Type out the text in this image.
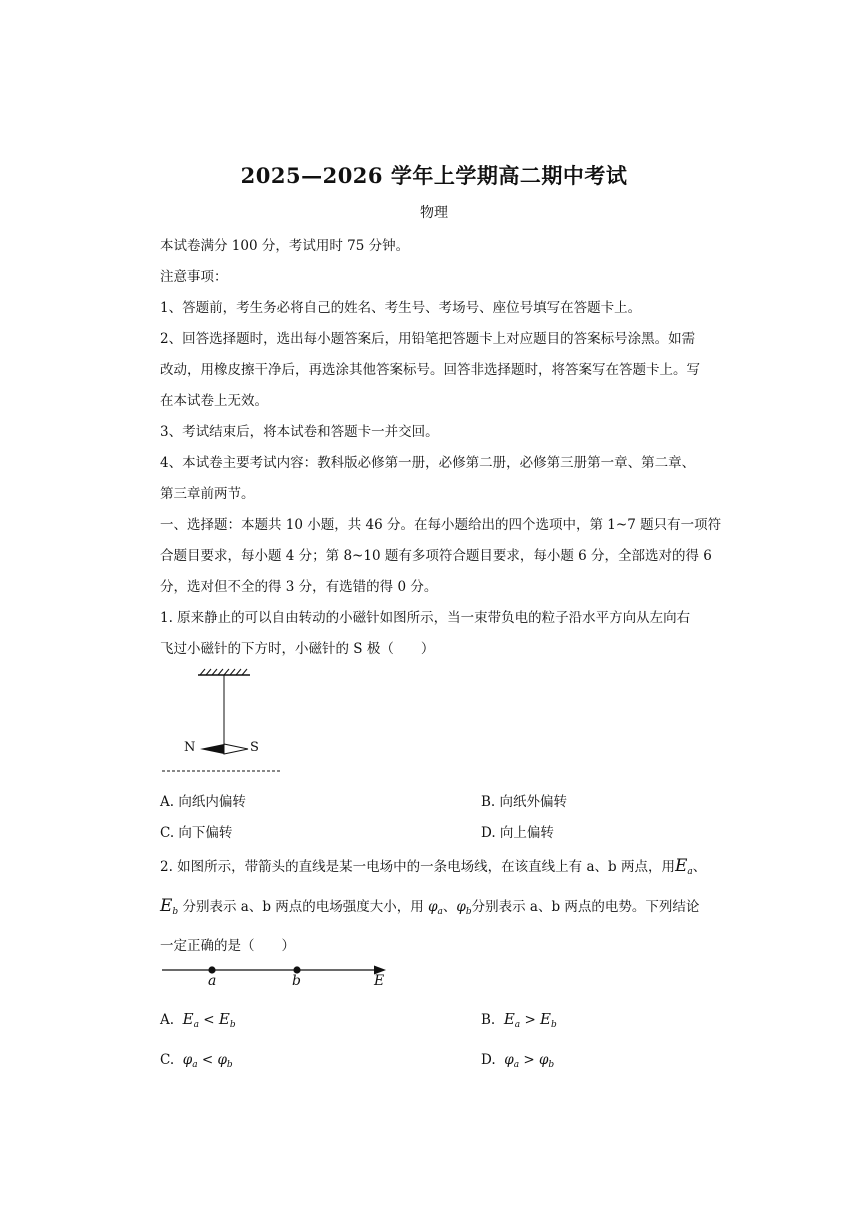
2025—2026 学年上学期高二期中考试
物理
本试卷满分 100 分，考试用时 75 分钟。
注意事项：
1、答题前，考生务必将自己的姓名、考生号、考场号、座位号填写在答题卡上。
2、回答选择题时，选出每小题答案后，用铅笔把答题卡上对应题目的答案标号涂黑。如需
改动，用橡皮擦干净后，再选涂其他答案标号。回答非选择题时，将答案写在答题卡上。写
在本试卷上无效。
3、考试结束后，将本试卷和答题卡一并交回。
4、本试卷主要考试内容：教科版必修第一册，必修第二册，必修第三册第一章、第二章、
第三章前两节。
一、选择题：本题共 10 小题，共 46 分。在每小题给出的四个选项中，第 1~7 题只有一项符
合题目要求，每小题 4 分；第 8~10 题有多项符合题目要求，每小题 6 分，全部选对的得 6
分，选对但不全的得 3 分，有选错的得 0 分。
1. 原来静止的可以自由转动的小磁针如图所示，当一束带负电的粒子沿水平方向从左向右
飞过小磁针的下方时，小磁针的 S 极（　　）
N	S
A. 向纸内偏转	B. 向纸外偏转
C. 向下偏转	D. 向上偏转
2. 如图所示，带箭头的直线是某一电场中的一条电场线，在该直线上有 a、b 两点，用$E_a$、
$E_b$ 分别表示 a、b 两点的电场强度大小，用 $\varphi_a$、$\varphi_b$分别表示 a、b 两点的电势。下列结论
一定正确的是（　　）
a	b	E
A. $E_a < E_b$	B. $E_a > E_b$
C. $\varphi_a < \varphi_b$	D. $\varphi_a > \varphi_b$
